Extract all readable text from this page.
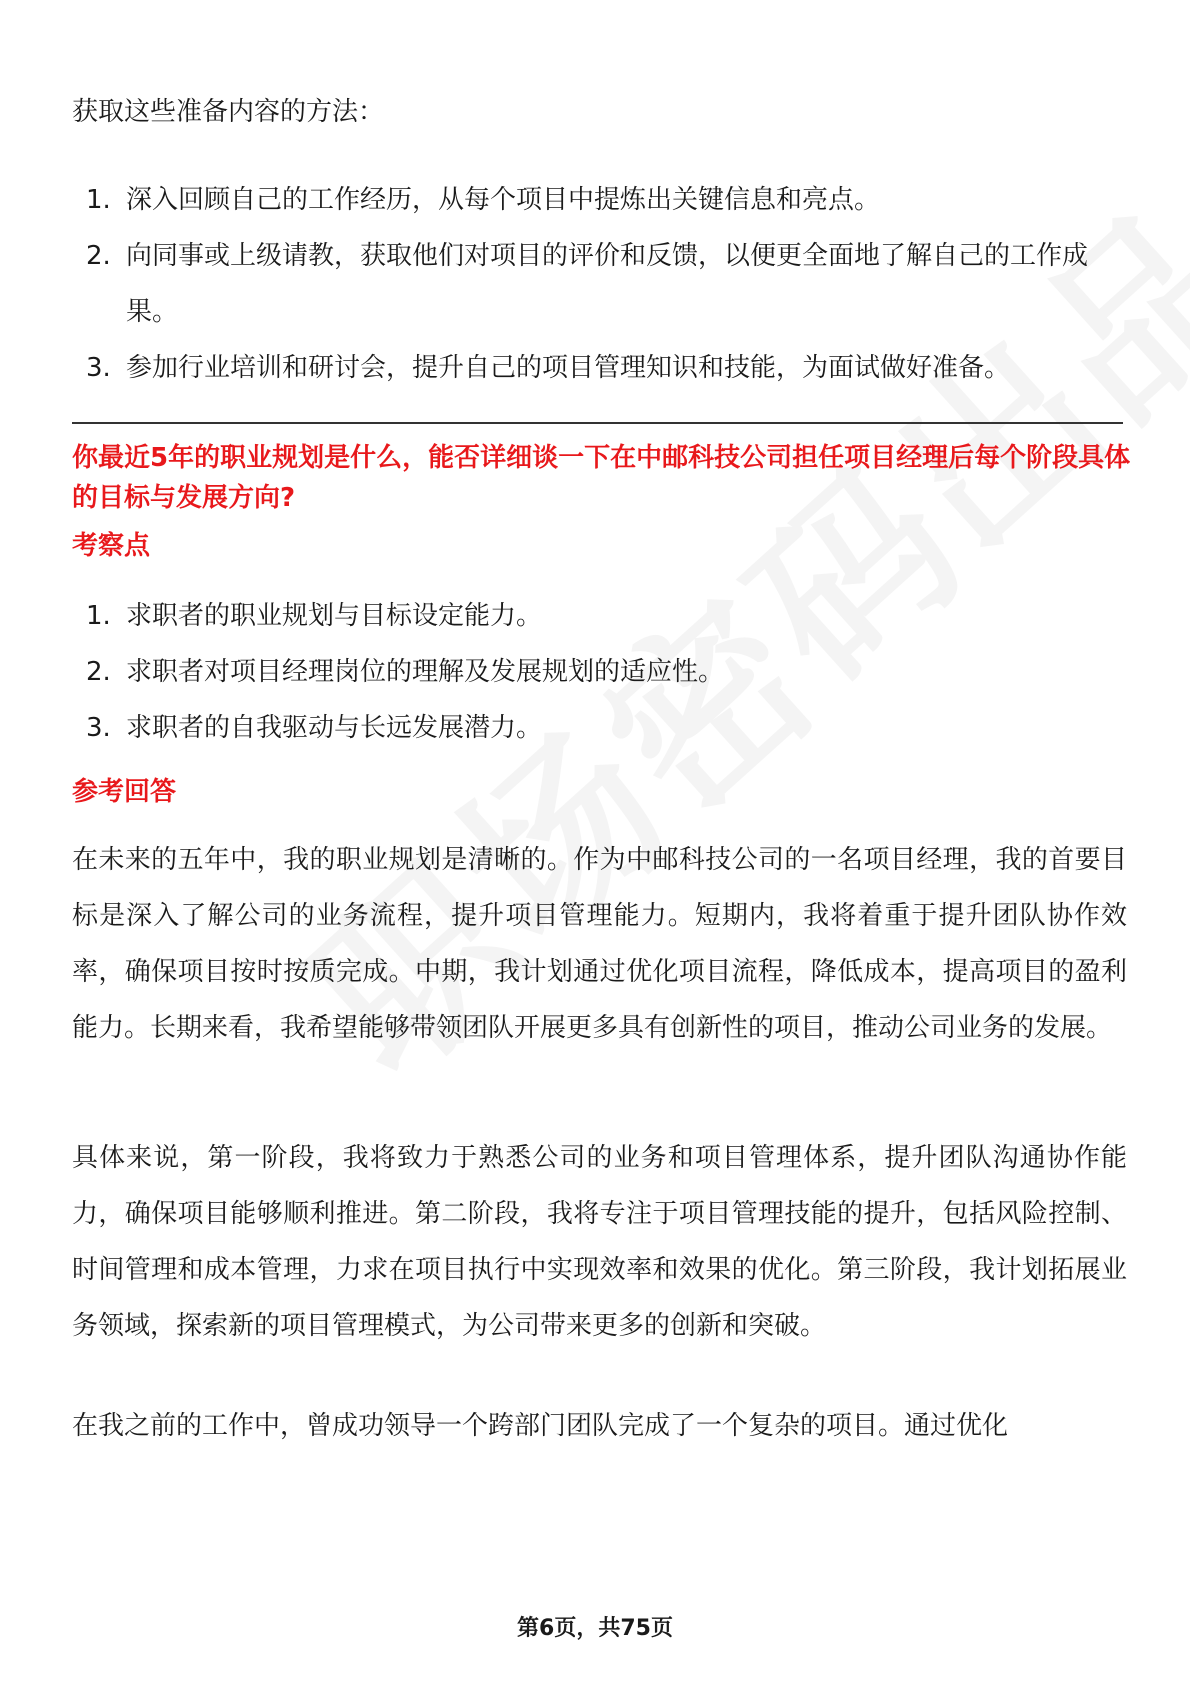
获取这些准备内容的方法：

1. 深入回顾自己的工作经历，从每个项目中提炼出关键信息和亮点。
2. 向同事或上级请教，获取他们对项目的评价和反馈，以便更全面地了解自己的工作成果。
3. 参加行业培训和研讨会，提升自己的项目管理知识和技能，为面试做好准备。
你最近5年的职业规划是什么，能否详细谈一下在中邮科技公司担任项目经理后每个阶段具体的目标与发展方向?
考察点
1. 求职者的职业规划与目标设定能力。
2. 求职者对项目经理岗位的理解及发展规划的适应性。
3. 求职者的自我驱动与长远发展潜力。
参考回答

在未来的五年中，我的职业规划是清晰的。作为中邮科技公司的一名项目经理，我的首要目标是深入了解公司的业务流程，提升项目管理能力。短期内，我将着重于提升团队协作效率，确保项目按时按质完成。中期，我计划通过优化项目流程，降低成本，提高项目的盈利能力。长期来看，我希望能够带领团队开展更多具有创新性的项目，推动公司业务的发展。

具体来说，第一阶段，我将致力于熟悉公司的业务和项目管理体系，提升团队沟通协作能力，确保项目能够顺利推进。第二阶段，我将专注于项目管理技能的提升，包括风险控制、时间管理和成本管理，力求在项目执行中实现效率和效果的优化。第三阶段，我计划拓展业务领域，探索新的项目管理模式，为公司带来更多的创新和突破。

在我之前的工作中，曾成功领导一个跨部门团队完成了一个复杂的项目。通过优化

第6页，共75页
